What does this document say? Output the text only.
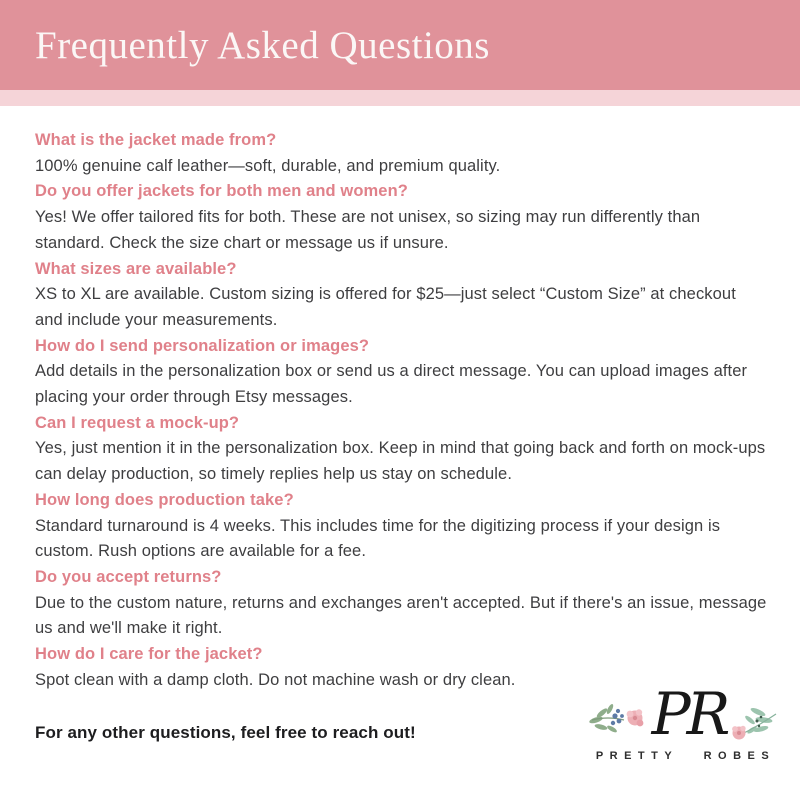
Frequently Asked Questions
What is the jacket made from?

100% genuine calf leather—soft, durable, and premium quality.

Do you offer jackets for both men and women?

Yes! We offer tailored fits for both. These are not unisex, so sizing may run differently than standard. Check the size chart or message us if unsure.

What sizes are available?

XS to XL are available. Custom sizing is offered for $25—just select “Custom Size” at checkout and include your measurements.

How do I send personalization or images?

Add details in the personalization box or send us a direct message. You can upload images after placing your order through Etsy messages.

Can I request a mock-up?

Yes, just mention it in the personalization box. Keep in mind that going back and forth on mock-ups can delay production, so timely replies help us stay on schedule.

How long does production take?

Standard turnaround is 4 weeks. This includes time for the digitizing process if your design is custom. Rush options are available for a fee.

Do you accept returns?

Due to the custom nature, returns and exchanges aren't accepted. But if there's an issue, message us and we'll make it right.

How do I care for the jacket?

Spot clean with a damp cloth. Do not machine wash or dry clean.

For any other questions, feel free to reach out!	PR
PRETTY ROBES
